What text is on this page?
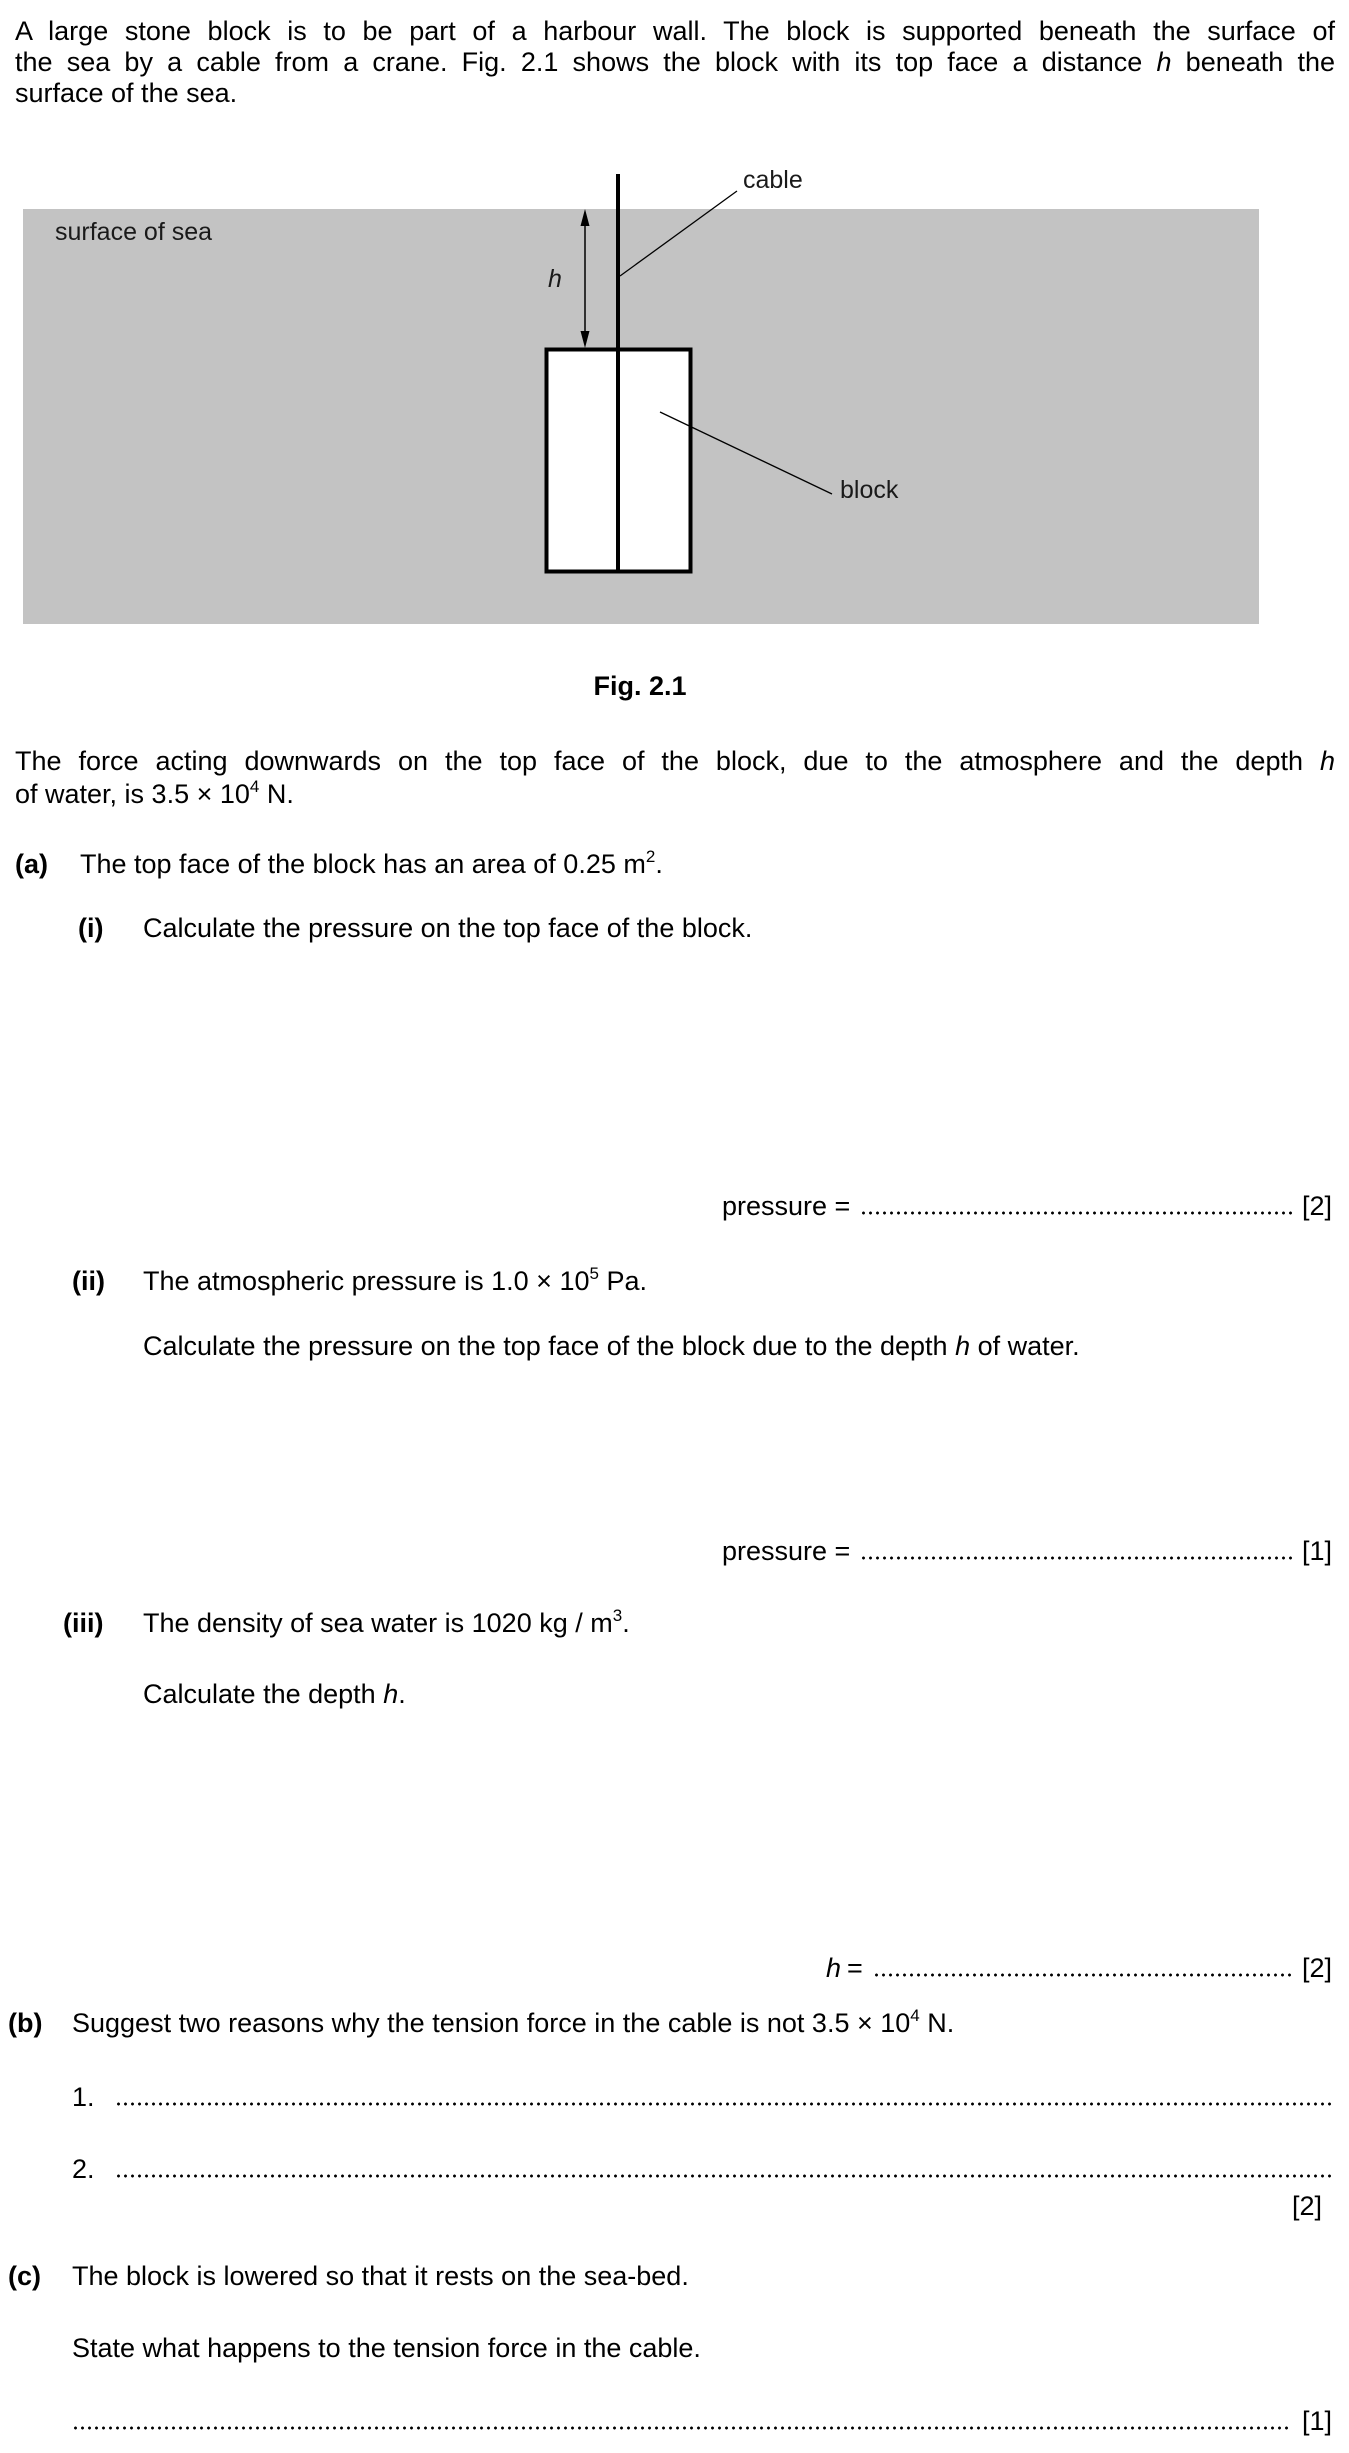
A large stone block is to be part of a harbour wall. The block is supported beneath the surface of
the sea by a cable from a crane. Fig. 2.1 shows the block with its top face a distance h beneath the
surface of the sea.
surface of sea
h
cable
block
Fig. 2.1
The force acting downwards on the top face of the block, due to the atmosphere and the depth h
of water, is $3.5 \times 10^4$ N.
(a) The top face of the block has an area of 0.25 $m^2$.
(i) Calculate the pressure on the top face of the block.
pressure =	[2]
(ii) The atmospheric pressure is $1.0 \times 10^5$ Pa.
Calculate the pressure on the top face of the block due to the depth h of water.
pressure =	[1]
(iii) The density of sea water is 1020 kg / $m^3$.
Calculate the depth h.
h =	[2]
(b) Suggest two reasons why the tension force in the cable is not $3.5 \times 10^4$ N.
1.
2.
[2]
(c) The block is lowered so that it rests on the sea-bed.
State what happens to the tension force in the cable.
[1]
